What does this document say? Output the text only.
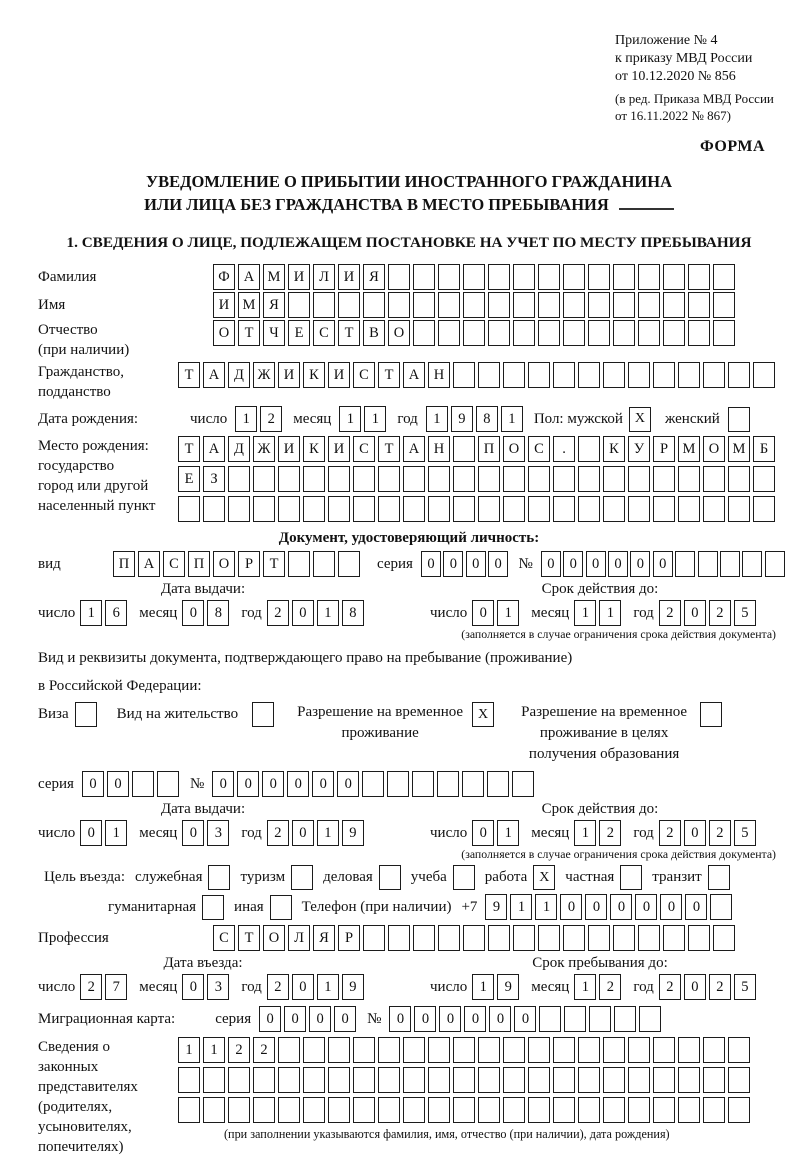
Приложение № 4
к приказу МВД России
от 10.12.2020 № 856
(в ред. Приказа МВД России
от 16.11.2022 № 867)
ФОРМА
УВЕДОМЛЕНИЕ О ПРИБЫТИИ ИНОСТРАННОГО ГРАЖДАНИНА
ИЛИ ЛИЦА БЕЗ ГРАЖДАНСТВА В МЕСТО ПРЕБЫВАНИЯ
1. СВЕДЕНИЯ О ЛИЦЕ, ПОДЛЕЖАЩЕМ ПОСТАНОВКЕ НА УЧЕТ ПО МЕСТУ ПРЕБЫВАНИЯ
Фамилия	Ф А М И	Л	И	Я
Имя	И М Я
Отчество
(при наличии)
О	Т	Ч	Е	С	Т	В	О
Гражданство,
подданство
Т	А	Д Ж И	К	И	С	Т	А	Н
Дата рождения:	число	1	2	месяц	1	1	год	1	9	8	1	Пол: мужской X	женский
Место рождения:
государство
город или другой
населенный пункт
Т	А	Д Ж И	К	И	С	Т	А	Н	П	О	С	.	К	У	Р	М О М Б
Е	З
Документ, удостоверяющий личность:
вид	П	А	С	П	О	Р	Т	серия 0	0	0	0	№ 0	0	0	0	0	0
Дата выдачи:
число 1	6	месяц 0	8	год 2	0	1	8
Срок действия до:
число 0	1	месяц 1	1	год 2	0	2	5
(заполняется в случае ограничения срока действия документа)
Вид и реквизиты документа, подтверждающего право на пребывание (проживание)
в Российской Федерации:
Виза	Вид на жительство	Разрешение на временное проживание
X	Разрешение на временное проживание в целях получения образования
серия	0	0	№	0	0	0	0	0	0
Дата выдачи:
число 0	1	месяц 0	3	год 2	0	1	9
Срок действия до:
число 0	1	месяц 1	2	год 2	0	2	5
(заполняется в случае ограничения срока действия документа)
Цель въезда: служебная	туризм	деловая	учеба	работа X	частная	транзит
гуманитарная	иная	Телефон (при наличии) +7	9	1	1	0	0	0	0	0	0
Профессия	С	Т	О	Л	Я	Р
Дата въезда:
число 2	7	месяц 0	3	год 2	0	1	9
Срок пребывания до:
число 1	9	месяц 1	2	год 2	0	2	5
Миграционная карта:	серия	0	0	0	0	№	0	0	0	0	0	0
Сведения о
законных
представителях
(родителях,
усыновителях,
попечителях)
1	1	2	2
(при заполнении указываются фамилия, имя, отчество (при наличии), дата рождения)
